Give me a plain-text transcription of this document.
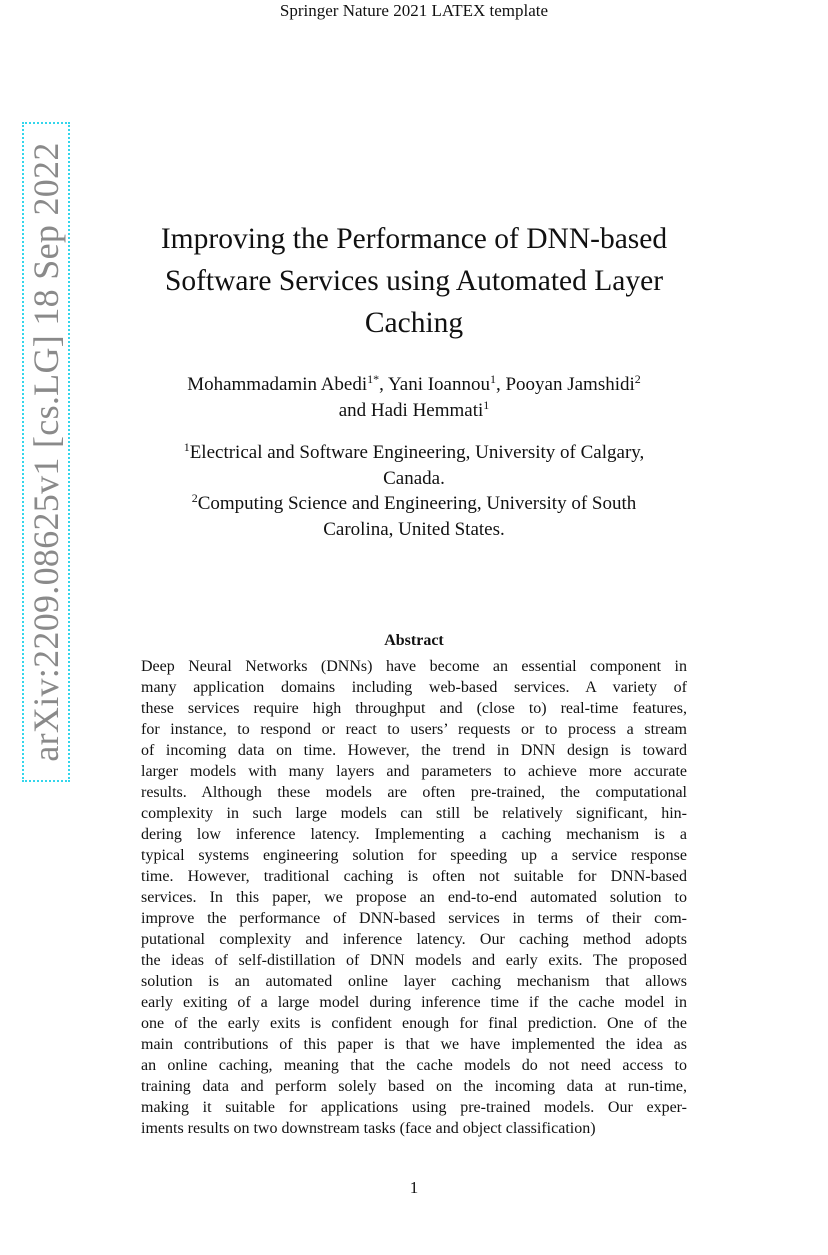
Springer Nature 2021 LATEX template
arXiv:2209.08625v1 [cs.LG] 18 Sep 2022	Improving the Performance of DNN-based
Software Services using Automated Layer
Caching
Mohammadamin Abedi$^{1*}$, Yani Ioannou$^1$, Pooyan Jamshidi$^2$
and Hadi Hemmati$^1$
$^1$Electrical and Software Engineering, University of Calgary,
Canada.
$^2$Computing Science and Engineering, University of South
Carolina, United States.
Abstract
Deep Neural Networks (DNNs) have become an essential component in
many application domains including web-based services. A variety of
these services require high throughput and (close to) real-time features,
for instance, to respond or react to users’ requests or to process a stream
of incoming data on time. However, the trend in DNN design is toward
larger models with many layers and parameters to achieve more accurate
results. Although these models are often pre-trained, the computational
complexity in such large models can still be relatively significant, hin-
dering low inference latency. Implementing a caching mechanism is a
typical systems engineering solution for speeding up a service response
time. However, traditional caching is often not suitable for DNN-based
services. In this paper, we propose an end-to-end automated solution to
improve the performance of DNN-based services in terms of their com-
putational complexity and inference latency. Our caching method adopts
the ideas of self-distillation of DNN models and early exits. The proposed
solution is an automated online layer caching mechanism that allows
early exiting of a large model during inference time if the cache model in
one of the early exits is confident enough for final prediction. One of the
main contributions of this paper is that we have implemented the idea as
an online caching, meaning that the cache models do not need access to
training data and perform solely based on the incoming data at run-time,
making it suitable for applications using pre-trained models. Our exper-
iments results on two downstream tasks (face and object classification)
1
